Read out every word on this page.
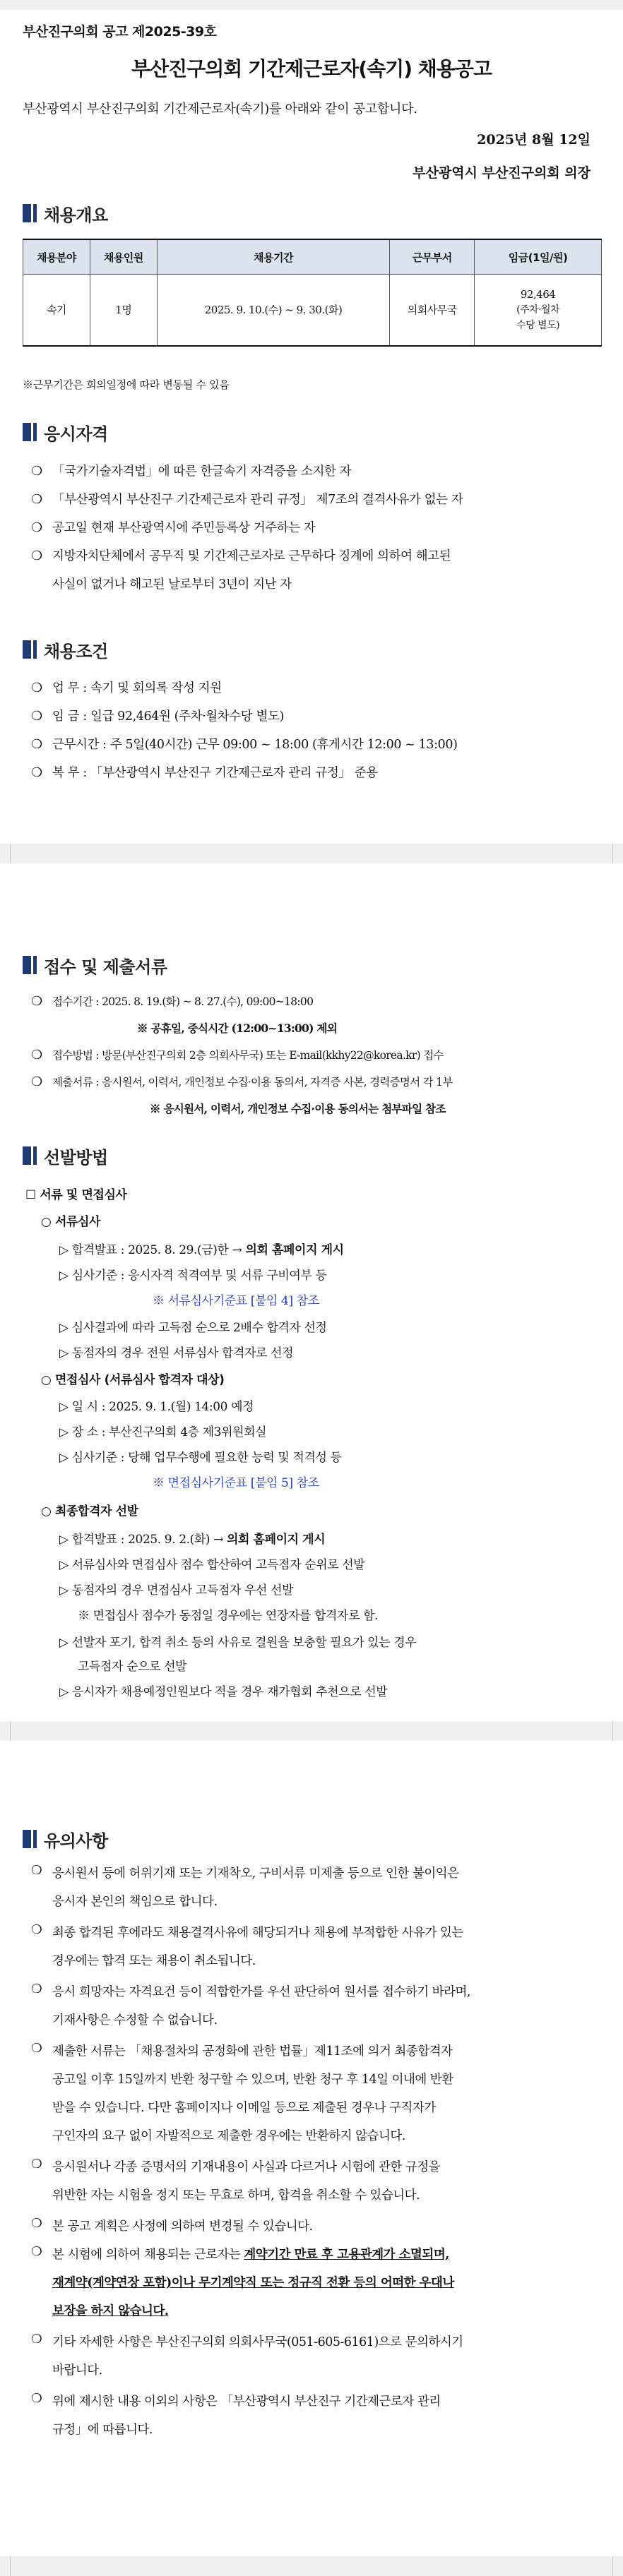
부산진구의회 공고 제2025-39호
부산진구의회 기간제근로자(속기) 채용공고
부산광역시 부산진구의회 기간제근로자(속기)를 아래와 같이 공고합니다.
2025년 8월 12일
부산광역시 부산진구의회 의장
채용개요
채용분야	채용인원	채용기간	근무부서	임금(1일/원)
속기	1명	2025. 9. 10.(수) ~ 9. 30.(화)	의회사무국	92,464
(주차·월차
수당 별도)
※근무기간은 회의일정에 따라 변동될 수 있음
응시자격
❍ 「국가기술자격법」에 따른 한글속기 자격증을 소지한 자
❍ 「부산광역시 부산진구 기간제근로자 관리 규정」 제7조의 결격사유가 없는 자
❍ 공고일 현재 부산광역시에 주민등록상 거주하는 자
❍ 지방자치단체에서 공무직 및 기간제근로자로 근무하다 징계에 의하여 해고된
사실이 없거나 해고된 날로부터 3년이 지난 자
채용조건
❍ 업 무 : 속기 및 회의록 작성 지원
❍ 임 금 : 일급 92,464원 (주차·월차수당 별도)
❍ 근무시간 : 주 5일(40시간) 근무 09:00 ~ 18:00 (휴게시간 12:00 ~ 13:00)
❍ 복 무 : 「부산광역시 부산진구 기간제근로자 관리 규정」 준용
접수 및 제출서류
❍ 접수기간 : 2025. 8. 19.(화) ~ 8. 27.(수), 09:00~18:00
※ 공휴일, 중식시간 (12:00~13:00) 제외
❍ 접수방법 : 방문(부산진구의회 2층 의회사무국) 또는 E-mail(kkhy22@korea.kr) 접수
❍ 제출서류 : 응시원서, 이력서, 개인정보 수집·이용 동의서, 자격증 사본, 경력증명서 각 1부
※ 응시원서, 이력서, 개인정보 수집·이용 동의서는 첨부파일 참조
선발방법
☐ 서류 및 면접심사
○ 서류심사
▷ 합격발표 : 2025. 8. 29.(금)한 → 의회 홈페이지 게시
▷ 심사기준 : 응시자격 적격여부 및 서류 구비여부 등
※ 서류심사기준표 [붙임 4] 참조
▷ 심사결과에 따라 고득점 순으로 2배수 합격자 선정
▷ 동점자의 경우 전원 서류심사 합격자로 선정
○ 면접심사 (서류심사 합격자 대상)
▷ 일 시 : 2025. 9. 1.(월) 14:00 예정
▷ 장 소 : 부산진구의회 4층 제3위원회실
▷ 심사기준 : 당해 업무수행에 필요한 능력 및 적격성 등
※ 면접심사기준표 [붙임 5] 참조
○ 최종합격자 선발
▷ 합격발표 : 2025. 9. 2.(화) → 의회 홈페이지 게시
▷ 서류심사와 면접심사 점수 합산하여 고득점자 순위로 선발
▷ 동점자의 경우 면접심사 고득점자 우선 선발
※ 면접심사 점수가 동점일 경우에는 연장자를 합격자로 함.
▷ 선발자 포기, 합격 취소 등의 사유로 결원을 보충할 필요가 있는 경우
고득점자 순으로 선발
▷ 응시자가 채용예정인원보다 적을 경우 재가협회 추천으로 선발
유의사항
❍ 응시원서 등에 허위기재 또는 기재착오, 구비서류 미제출 등으로 인한 불이익은
응시자 본인의 책임으로 합니다.
❍ 최종 합격된 후에라도 채용결격사유에 해당되거나 채용에 부적합한 사유가 있는
경우에는 합격 또는 채용이 취소됩니다.
❍ 응시 희망자는 자격요건 등이 적합한가를 우선 판단하여 원서를 접수하기 바라며,
기재사항은 수정할 수 없습니다.
❍ 제출한 서류는 「채용절차의 공정화에 관한 법률」제11조에 의거 최종합격자
공고일 이후 15일까지 반환 청구할 수 있으며, 반환 청구 후 14일 이내에 반환
받을 수 있습니다. 다만 홈페이지나 이메일 등으로 제출된 경우나 구직자가
구인자의 요구 없이 자발적으로 제출한 경우에는 반환하지 않습니다.
❍ 응시원서나 각종 증명서의 기재내용이 사실과 다르거나 시험에 관한 규정을
위반한 자는 시험을 정지 또는 무효로 하며, 합격을 취소할 수 있습니다.
❍ 본 공고 계획은 사정에 의하여 변경될 수 있습니다.
❍ 본 시험에 의하여 채용되는 근로자는 계약기간 만료 후 고용관계가 소멸되며,
재계약(계약연장 포함)이나 무기계약직 또는 정규직 전환 등의 어떠한 우대나
보장을 하지 않습니다.
❍ 기타 자세한 사항은 부산진구의회 의회사무국(051-605-6161)으로 문의하시기
바랍니다.
❍ 위에 제시한 내용 이외의 사항은 「부산광역시 부산진구 기간제근로자 관리
규정」에 따릅니다.
